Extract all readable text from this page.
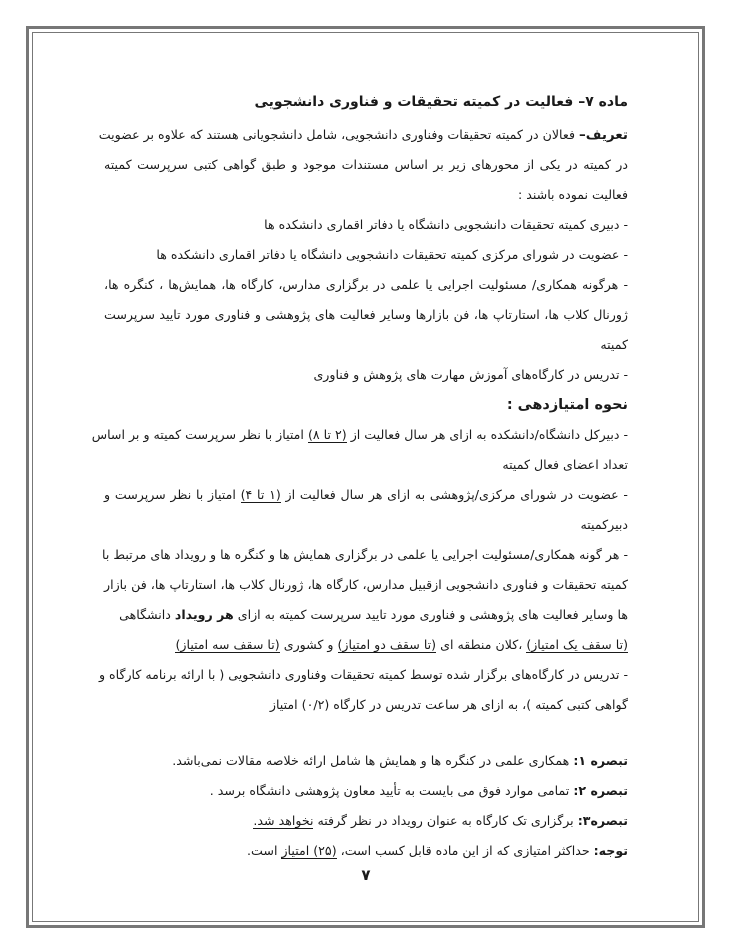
ماده ۷– فعالیت در کمیته تحقیقات و فناوری دانشجویی
تعریف– فعالان در کمیته تحقیقات وفناوری دانشجویی، شامل دانشجویانی هستند که علاوه بر عضویت
در کمیته در یکی از محورهای زیر بر اساس مستندات موجود و طبق گواهی کتبی سرپرست کمیته
فعالیت نموده باشند :
- دبیری کمیته تحقیقات دانشجویی دانشگاه یا دفاتر اقماری دانشکده ها
- عضویت در شورای مرکزی کمیته تحقیقات دانشجویی دانشگاه یا دفاتر اقماری دانشکده ها
- هرگونه همکاری/ مسئولیت اجرایی یا علمی در برگزاری مدارس، کارگاه ها، همایش‌ها ، کنگره ها،
ژورنال کلاب ها، استارتاپ ها، فن بازارها وسایر فعالیت های پژوهشی و فناوری مورد تایید سرپرست
کمیته
- تدریس در کارگاه‌های آموزش مهارت های پژوهش و فناوری
نحوه امتیازدهی :
- دبیرکل دانشگاه/دانشکده به ازای هر سال فعالیت از (۲ تا ۸) امتیاز با نظر سرپرست کمیته و بر اساس
تعداد اعضای فعال کمیته
- عضویت در شورای مرکزی/پژوهشی به ازای هر سال فعالیت از (۱ تا ۴) امتیاز با نظر سرپرست و
دبیرکمیته
- هر گونه همکاری/مسئولیت اجرایی یا علمی در برگزاری همایش ها و کنگره ها و رویداد های مرتبط با
کمیته تحقیقات و فناوری دانشجویی ازقبیل مدارس، کارگاه ها، ژورنال کلاب ها، استارتاپ ها، فن بازار
ها وسایر فعالیت های پژوهشی و فناوری مورد تایید سرپرست کمیته به ازای هر رویداد دانشگاهی
(تا سقف یک امتیاز) ،کلان منطقه ای (تا سقف دو امتیاز) و کشوری (تا سقف سه امتیاز)
- تدریس در کارگاه‌های برگزار شده توسط کمیته تحقیقات وفناوری دانشجویی ( با ارائه برنامه کارگاه و
گواهی کتبی کمیته )، به ازای هر ساعت تدریس در کارگاه (۰/۲) امتیاز
تبصره ۱: همکاری علمی در کنگره ها و همایش ها شامل ارائه خلاصه مقالات نمی‌باشد.
تبصره ۲: تمامی موارد فوق می بایست به تأیید معاون پژوهشی دانشگاه برسد .
تبصره۳: برگزاری تک کارگاه به عنوان رویداد در نظر گرفته نخواهد شد.
توجه: حداکثر امتیازی که از این ماده قابل کسب است، (۲۵) امتیاز است.
۷
